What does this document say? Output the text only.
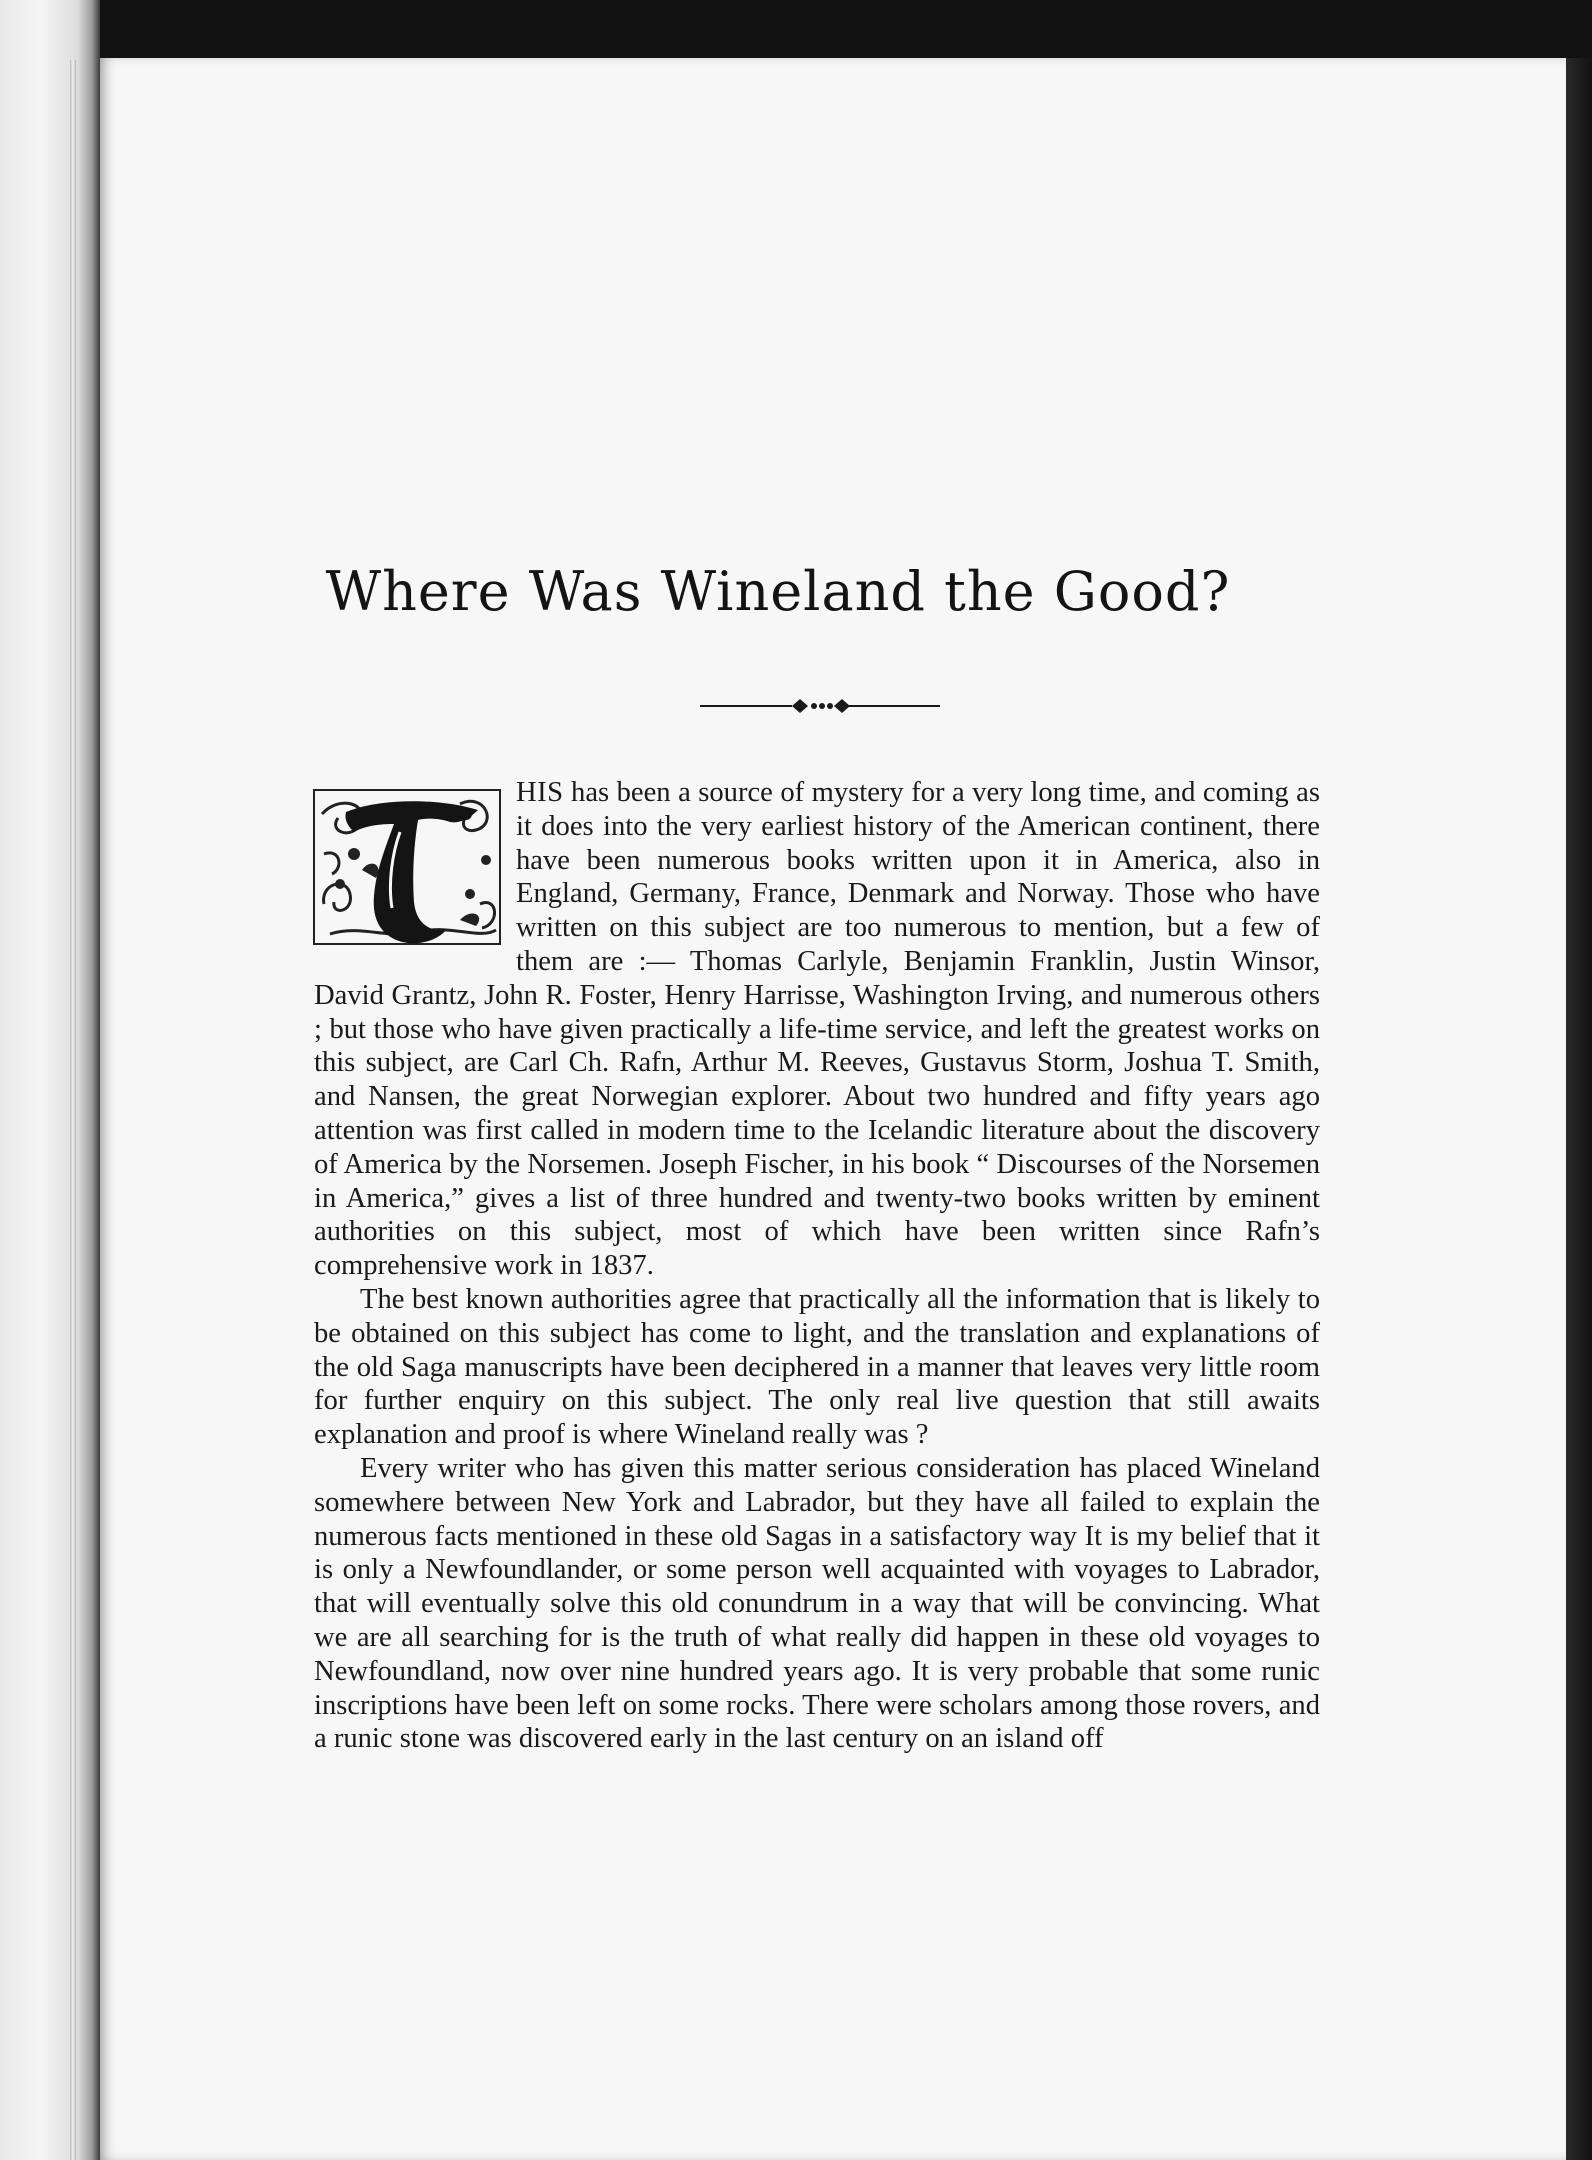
Where Was Wineland the Good?

HIS has been a source of mystery for a very long time, and coming as it does into the very earliest history of the American continent, there have been numerous books written upon it in America, also in England, Germany, France, Denmark and Norway. Those who have written on this subject are too numerous to mention, but a few of them are :— Thomas Carlyle, Benjamin Franklin, Justin Winsor, David Grantz, John R. Foster, Henry Harrisse, Washington Irving, and numerous others ; but those who have given practically a life-time service, and left the greatest works on this subject, are Carl Ch. Rafn, Arthur M. Reeves, Gustavus Storm, Joshua T. Smith, and Nansen, the great Norwegian explorer. About two hundred and fifty years ago attention was first called in modern time to the Icelandic literature about the discovery of America by the Norsemen. Joseph Fischer, in his book “ Discourses of the Norsemen in America,” gives a list of three hundred and twenty-two books written by eminent authorities on this subject, most of which have been written since Rafn’s comprehensive work in 1837.

The best known authorities agree that practically all the information that is likely to be obtained on this subject has come to light, and the translation and explanations of the old Saga manuscripts have been deciphered in a manner that leaves very little room for further enquiry on this subject. The only real live question that still awaits explanation and proof is where Wineland really was ?

Every writer who has given this matter serious consideration has placed Wineland somewhere between New York and Labrador, but they have all failed to explain the numerous facts mentioned in these old Sagas in a satisfactory way It is my belief that it is only a Newfoundlander, or some person well acquainted with voyages to Labrador, that will eventually solve this old conundrum in a way that will be convincing. What we are all searching for is the truth of what really did happen in these old voyages to Newfoundland, now over nine hundred years ago. It is very probable that some runic inscriptions have been left on some rocks. There were scholars among those rovers, and a runic stone was discovered early in the last century on an island off
